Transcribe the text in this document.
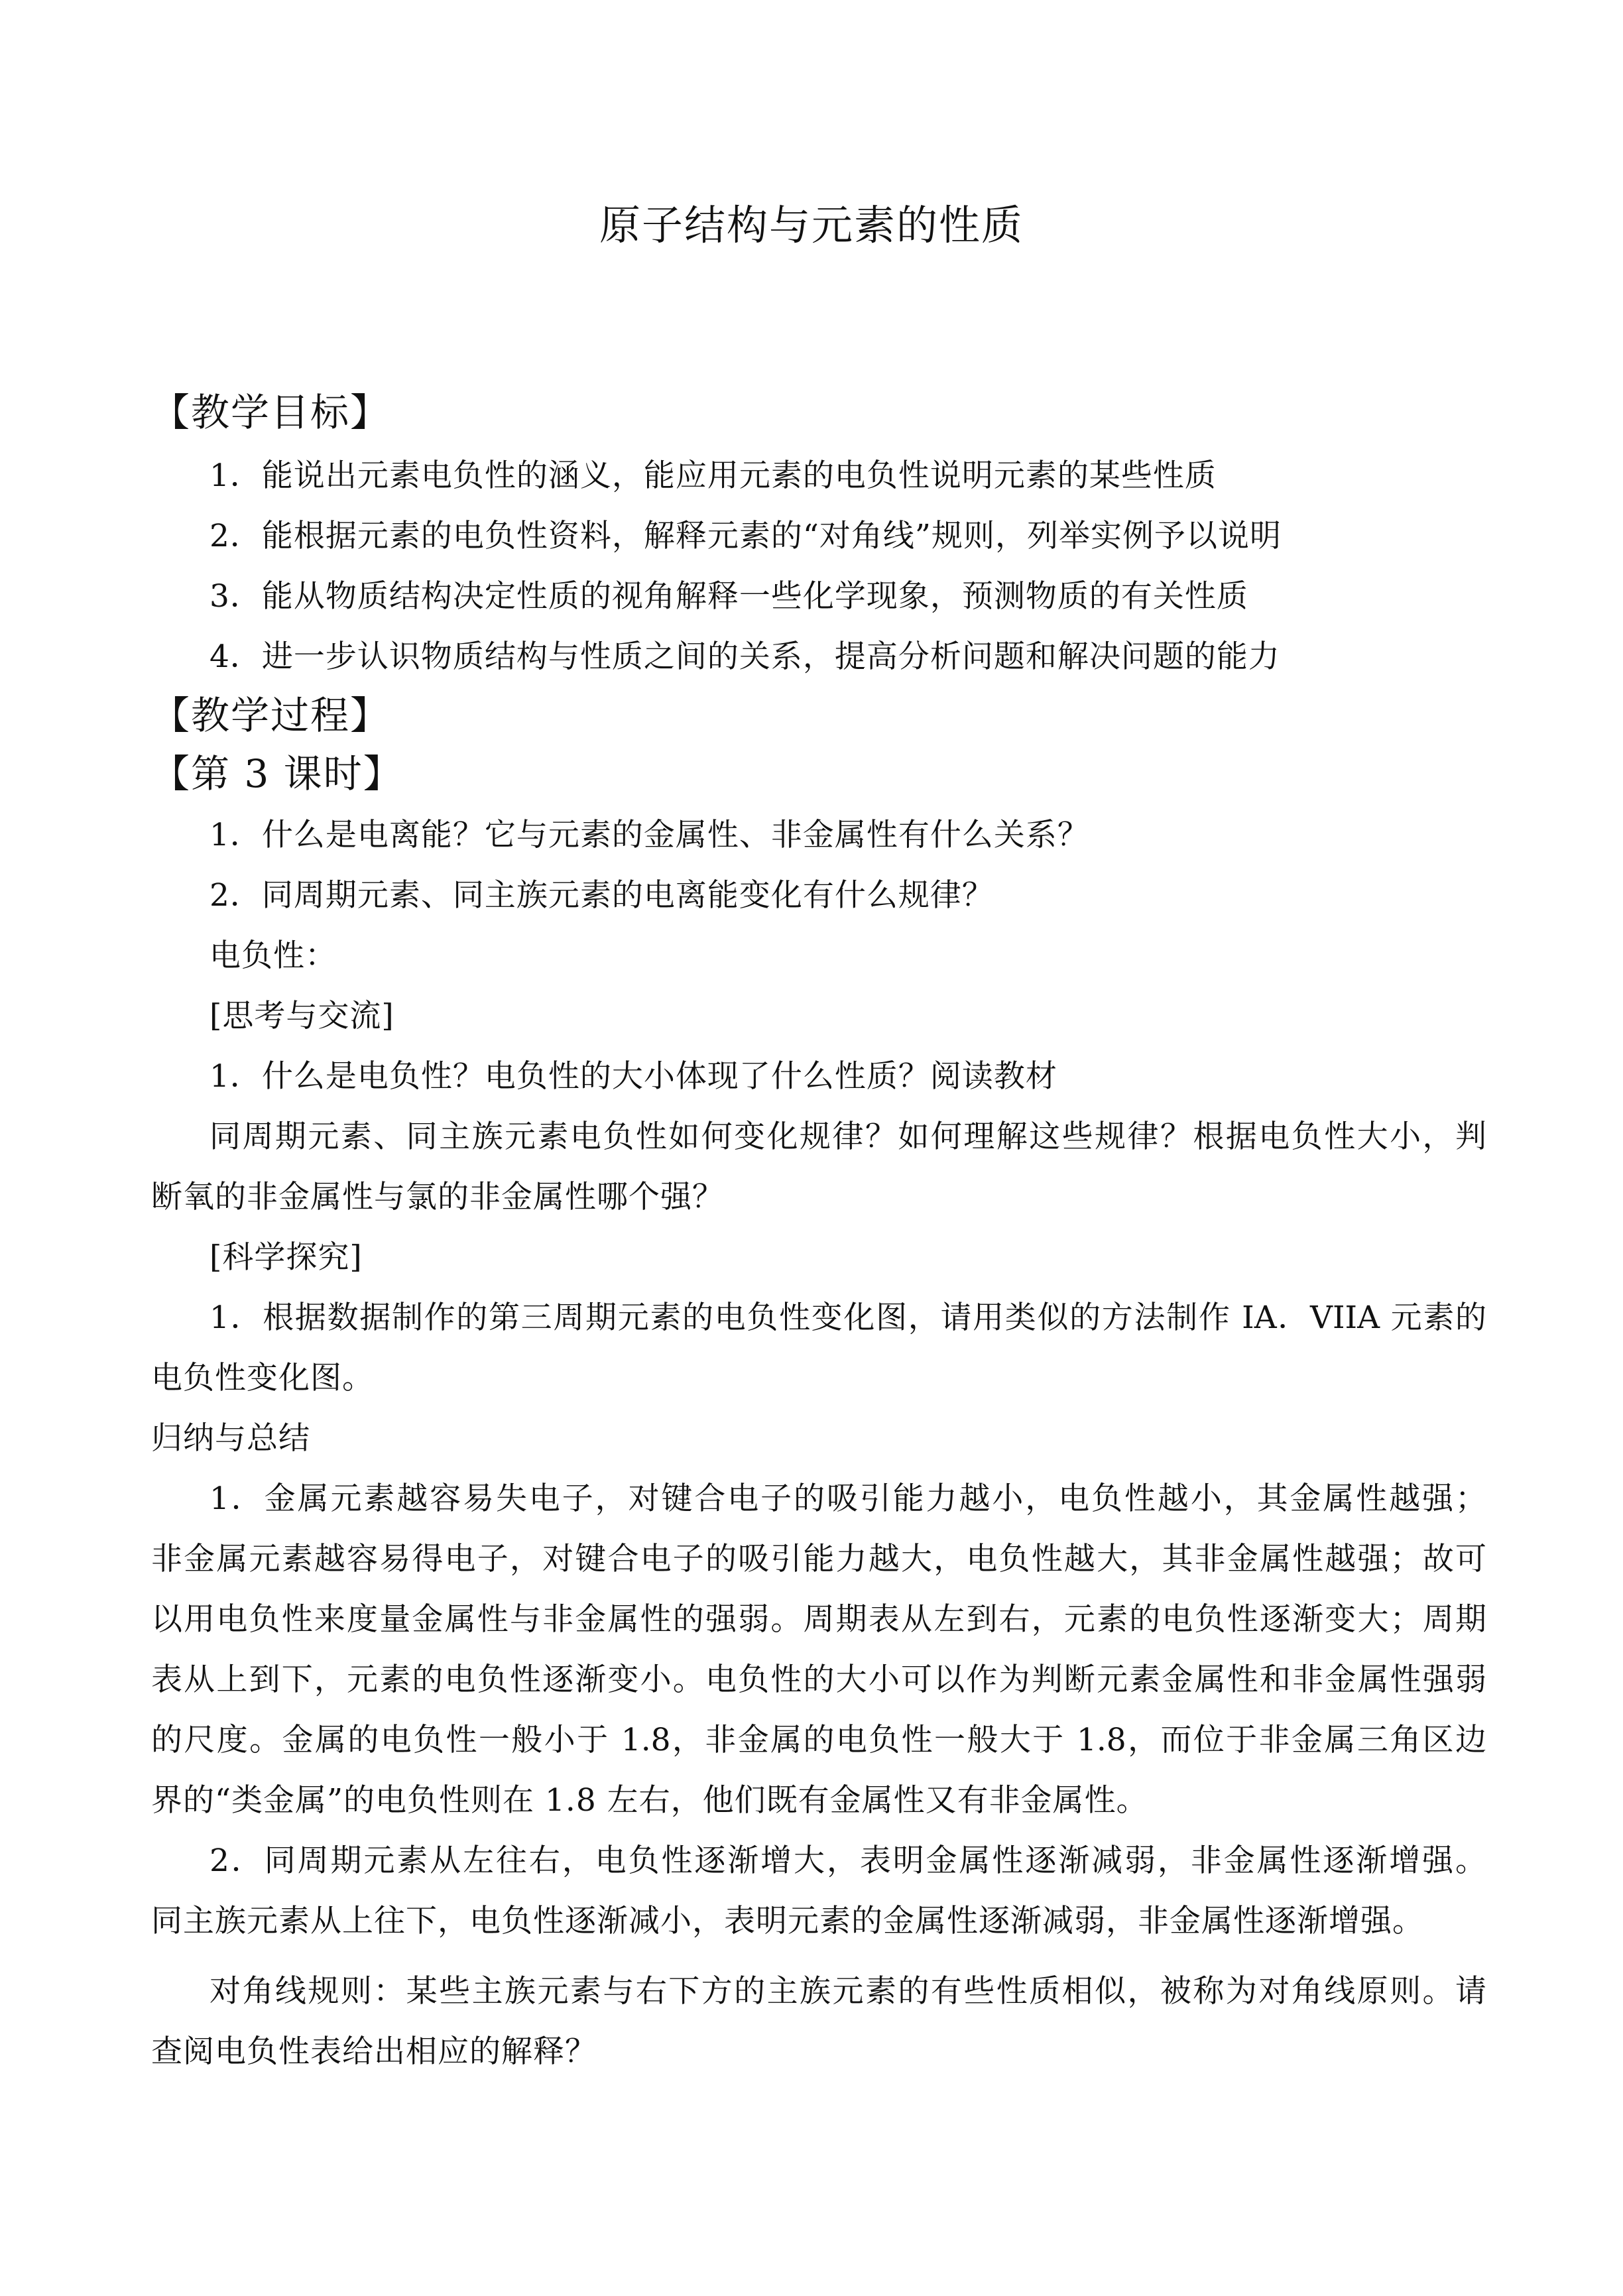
原子结构与元素的性质
【教学目标】
1．能说出元素电负性的涵义，能应用元素的电负性说明元素的某些性质
2．能根据元素的电负性资料，解释元素的“对角线”规则，列举实例予以说明
3．能从物质结构决定性质的视角解释一些化学现象，预测物质的有关性质
4．进一步认识物质结构与性质之间的关系，提高分析问题和解决问题的能力
【教学过程】
【第 3 课时】
1．什么是电离能？它与元素的金属性、非金属性有什么关系？
2．同周期元素、同主族元素的电离能变化有什么规律？
电负性：
[思考与交流]
1．什么是电负性？电负性的大小体现了什么性质？阅读教材
同周期元素、同主族元素电负性如何变化规律？如何理解这些规律？根据电负性大小，判
断氧的非金属性与氯的非金属性哪个强？
[科学探究]
1．根据数据制作的第三周期元素的电负性变化图，请用类似的方法制作 IA．VIIA 元素的
电负性变化图。
归纳与总结
1．金属元素越容易失电子，对键合电子的吸引能力越小，电负性越小，其金属性越强；
非金属元素越容易得电子，对键合电子的吸引能力越大，电负性越大，其非金属性越强；故可
以用电负性来度量金属性与非金属性的强弱。周期表从左到右，元素的电负性逐渐变大；周期
表从上到下，元素的电负性逐渐变小。电负性的大小可以作为判断元素金属性和非金属性强弱
的尺度。金属的电负性一般小于 1.8，非金属的电负性一般大于 1.8，而位于非金属三角区边
界的“类金属”的电负性则在 1.8 左右，他们既有金属性又有非金属性。
2．同周期元素从左往右，电负性逐渐增大，表明金属性逐渐减弱，非金属性逐渐增强。
同主族元素从上往下，电负性逐渐减小，表明元素的金属性逐渐减弱，非金属性逐渐增强。
对角线规则：某些主族元素与右下方的主族元素的有些性质相似，被称为对角线原则。请
查阅电负性表给出相应的解释？
